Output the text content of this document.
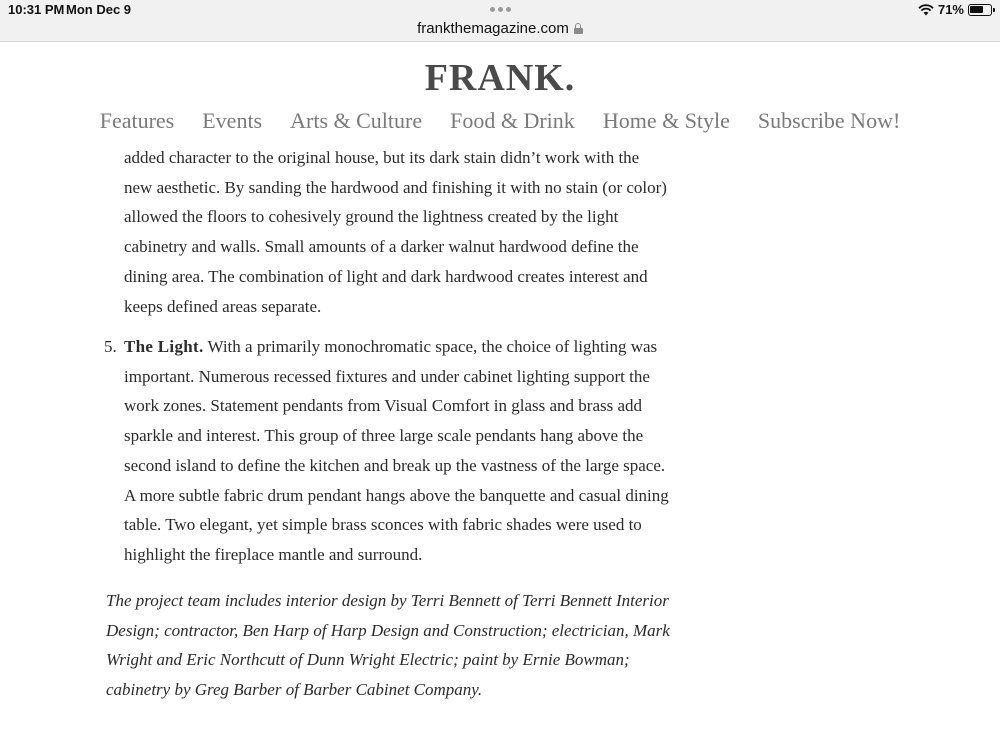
10:31 PM Mon Dec 9	71%
frankthemagazine.com
FRANK.
Features Events Arts & Culture Food & Drink Home & Style Subscribe Now!

added character to the original house, but its dark stain didn’t work with the new aesthetic. By sanding the hardwood and finishing it with no stain (or color) allowed the floors to cohesively ground the lightness created by the light cabinetry and walls. Small amounts of a darker walnut hardwood define the dining area. The combination of light and dark hardwood creates interest and keeps defined areas separate.

5. The Light. With a primarily monochromatic space, the choice of lighting was important. Numerous recessed fixtures and under cabinet lighting support the work zones. Statement pendants from Visual Comfort in glass and brass add sparkle and interest. This group of three large scale pendants hang above the second island to define the kitchen and break up the vastness of the large space. A more subtle fabric drum pendant hangs above the banquette and casual dining table. Two elegant, yet simple brass sconces with fabric shades were used to highlight the fireplace mantle and surround.

The project team includes interior design by Terri Bennett of Terri Bennett Interior Design; contractor, Ben Harp of Harp Design and Construction; electrician, Mark Wright and Eric Northcutt of Dunn Wright Electric; paint by Ernie Bowman; cabinetry by Greg Barber of Barber Cabinet Company.
